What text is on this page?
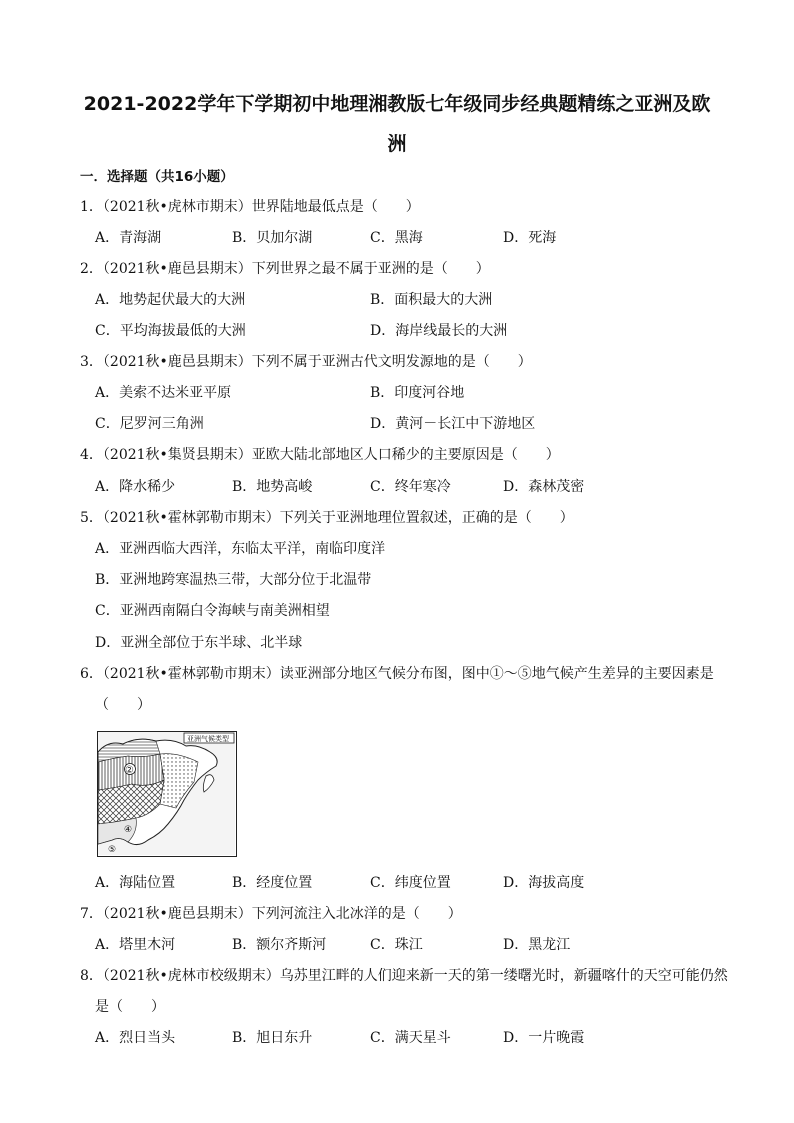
2021-2022学年下学期初中地理湘教版七年级同步经典题精练之亚洲及欧
洲
一．选择题（共16小题）
1．（2021秋•虎林市期末）世界陆地最低点是（　　）
A．青海湖	B．贝加尔湖	C．黑海	D．死海
2．（2021秋•鹿邑县期末）下列世界之最不属于亚洲的是（　　）
A．地势起伏最大的大洲	B．面积最大的大洲
C．平均海拔最低的大洲	D．海岸线最长的大洲
3．（2021秋•鹿邑县期末）下列不属于亚洲古代文明发源地的是（　　）
A．美索不达米亚平原	B．印度河谷地
C．尼罗河三角洲	D．黄河－长江中下游地区
4．（2021秋•集贤县期末）亚欧大陆北部地区人口稀少的主要原因是（　　）
A．降水稀少	B．地势高峻	C．终年寒冷	D．森林茂密
5．（2021秋•霍林郭勒市期末）下列关于亚洲地理位置叙述，正确的是（　　）
A．亚洲西临大西洋，东临太平洋，南临印度洋
B．亚洲地跨寒温热三带，大部分位于北温带
C．亚洲西南隔白令海峡与南美洲相望
D．亚洲全部位于东半球、北半球
6．（2021秋•霍林郭勒市期末）读亚洲部分地区气候分布图，图中①～⑤地气候产生差异的主要因素是
（　　）
亚洲气候类型
②
④
⑤
A．海陆位置	B．经度位置	C．纬度位置	D．海拔高度
7．（2021秋•鹿邑县期末）下列河流注入北冰洋的是（　　）
A．塔里木河	B．额尔齐斯河	C．珠江	D．黑龙江
8．（2021秋•虎林市校级期末）乌苏里江畔的人们迎来新一天的第一缕曙光时，新疆喀什的天空可能仍然
是（　　）
A．烈日当头	B．旭日东升	C．满天星斗	D．一片晚霞
